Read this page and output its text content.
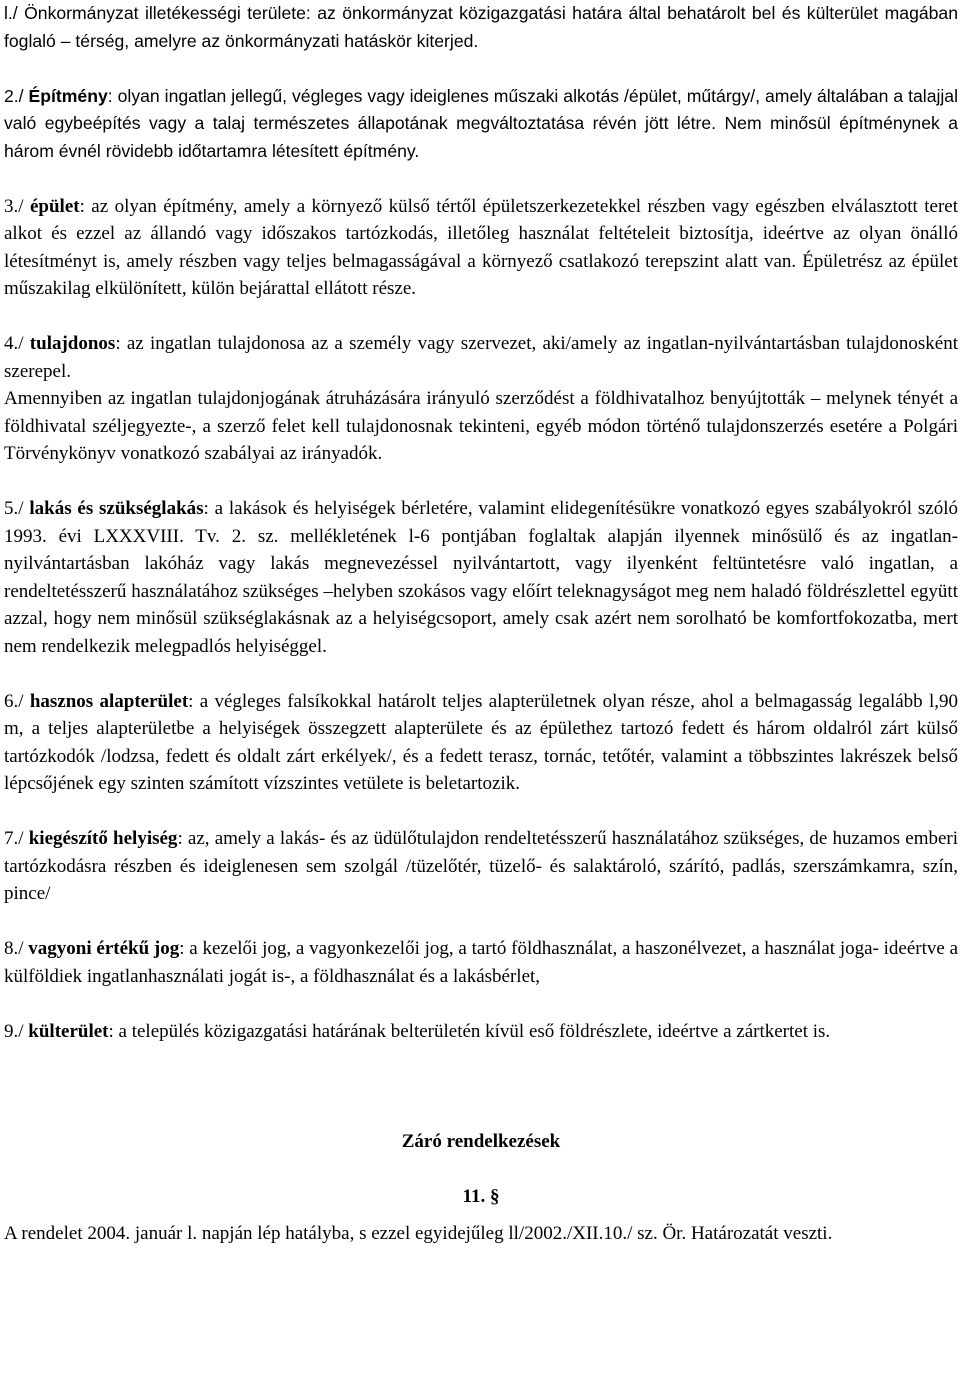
l./ Önkormányzat illetékességi területe: az önkormányzat közigazgatási határa által behatárolt bel és külterület magában foglaló – térség, amelyre az önkormányzati hatáskör kiterjed.

2./ Építmény: olyan ingatlan jellegű, végleges vagy ideiglenes műszaki alkotás /épület, műtárgy/, amely általában a talajjal való egybeépítés vagy a talaj természetes állapotának megváltoztatása révén jött létre. Nem minősül építménynek a három évnél rövidebb időtartamra létesített építmény.

3./ épület: az olyan építmény, amely a környező külső tértől épületszerkezetekkel részben vagy egészben elválasztott teret alkot és ezzel az állandó vagy időszakos tartózkodás, illetőleg használat feltételeit biztosítja, ideértve az olyan önálló létesítményt is, amely részben vagy teljes belmagasságával a környező csatlakozó terepszint alatt van. Épületrész az épület műszakilag elkülönített, külön bejárattal ellátott része.

4./ tulajdonos: az ingatlan tulajdonosa az a személy vagy szervezet, aki/amely az ingatlan-nyilvántartásban tulajdonosként szerepel.

Amennyiben az ingatlan tulajdonjogának átruházására irányuló szerződést a földhivatalhoz benyújtották – melynek tényét a földhivatal széljegyezte-, a szerző felet kell tulajdonosnak tekinteni, egyéb módon történő tulajdonszerzés esetére a Polgári Törvénykönyv vonatkozó szabályai az irányadók.

5./ lakás és szükséglakás: a lakások és helyiségek bérletére, valamint elidegenítésükre vonatkozó egyes szabályokról szóló 1993. évi LXXXVIII. Tv. 2. sz. mellékletének l-6 pontjában foglaltak alapján ilyennek minősülő és az ingatlan-nyilvántartásban lakóház vagy lakás megnevezéssel nyilvántartott, vagy ilyenként feltüntetésre való ingatlan, a rendeltetésszerű használatához szükséges –helyben szokásos vagy előírt teleknagyságot meg nem haladó földrészlettel együtt azzal, hogy nem minősül szükséglakásnak az a helyiségcsoport, amely csak azért nem sorolható be komfortfokozatba, mert nem rendelkezik melegpadlós helyiséggel.

6./ hasznos alapterület: a végleges falsíkokkal határolt teljes alapterületnek olyan része, ahol a belmagasság legalább l,90 m, a teljes alapterületbe a helyiségek összegzett alapterülete és az épülethez tartozó fedett és három oldalról zárt külső tartózkodók /lodzsa, fedett és oldalt zárt erkélyek/, és a fedett terasz, tornác, tetőtér, valamint a többszintes lakrészek belső lépcsőjének egy szinten számított vízszintes vetülete is beletartozik.

7./ kiegészítő helyiség: az, amely a lakás- és az üdülőtulajdon rendeltetésszerű használatához szükséges, de huzamos emberi tartózkodásra részben és ideiglenesen sem szolgál /tüzelőtér, tüzelő- és salaktároló, szárító, padlás, szerszámkamra, szín, pince/

8./ vagyoni értékű jog: a kezelői jog, a vagyonkezelői jog, a tartó földhasználat, a haszonélvezet, a használat joga- ideértve a külföldiek ingatlanhasználati jogát is-, a földhasználat és a lakásbérlet,

9./ külterület: a település közigazgatási határának belterületén kívül eső földrészlete, ideértve a zártkertet is.

Záró rendelkezések

11. §

A rendelet 2004. január l. napján lép hatályba, s ezzel egyidejűleg ll/2002./XII.10./ sz. Ör. Határozatát veszti.
